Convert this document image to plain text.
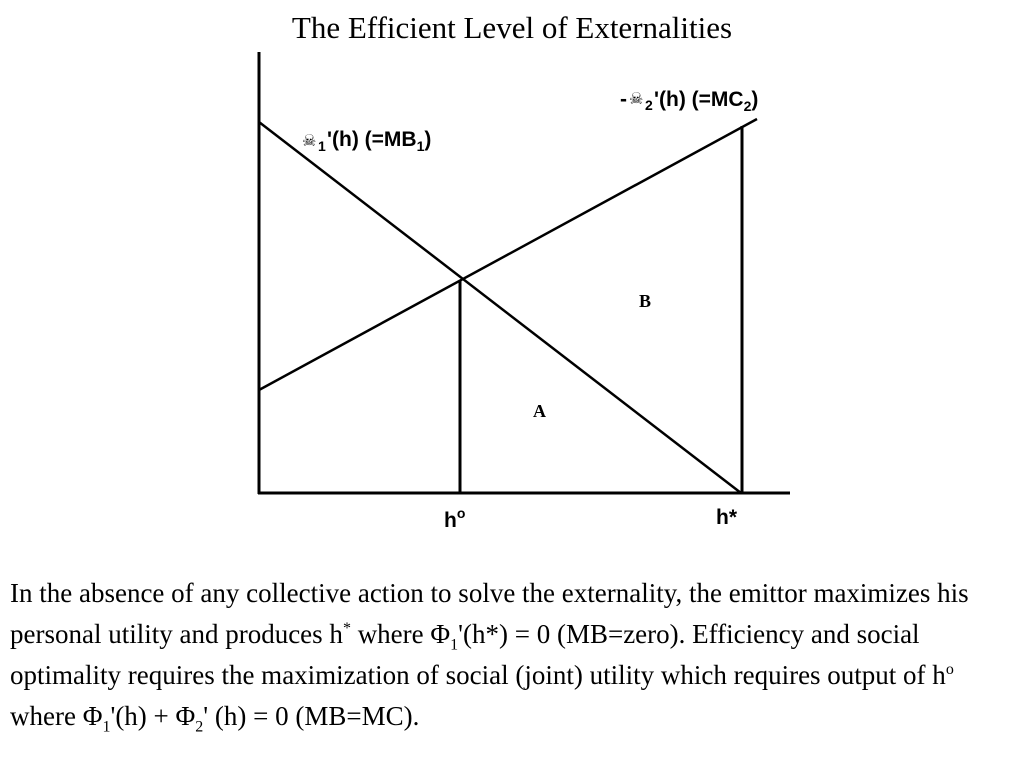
The Efficient Level of Externalities
☠ 1 '(h) $(=MB_1)$
- ☠ 2 '(h) $(=MC_2)$
A
B
$h^o$	h*
In the absence of any collective action to solve the externality, the emittor maximizes his personal utility and produces h* where $\Phi_1'(h*) = 0$ (MB=zero). Efficiency and social optimality requires the maximization of social (joint) utility which requires output of $h^o$ where $\Phi_1'(h) + \Phi_2'$ (h) = 0 (MB=MC).
